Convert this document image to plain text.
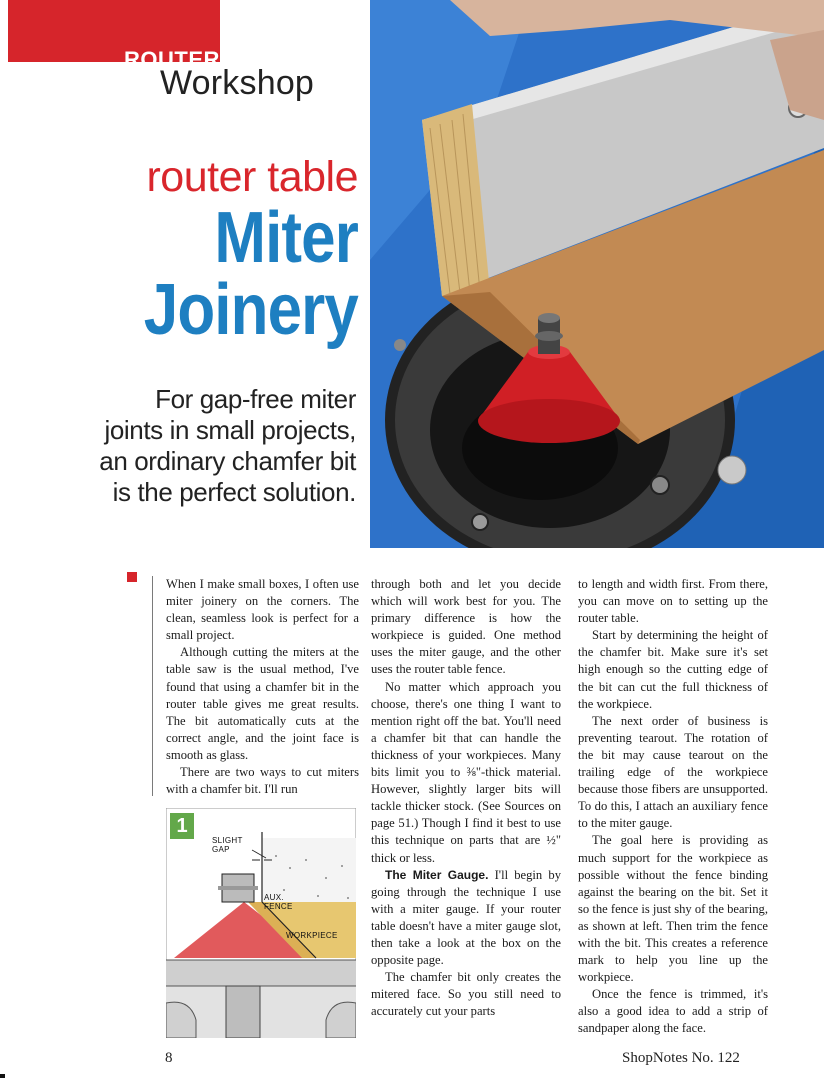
ROUTER
Workshop
router table
Miter
Joinery
For gap-free miter
joints in small projects,
an ordinary chamfer bit
is the perfect solution.

When I make small boxes, I often use miter joinery on the corners. The clean, seamless look is perfect for a small project.

Although cutting the miters at the table saw is the usual method, I've found that using a chamfer bit in the router table gives me great results. The bit automatically cuts at the correct angle, and the joint face is smooth as glass.

There are two ways to cut miters with a chamfer bit. I'll run

through both and let you decide which will work best for you. The primary difference is how the workpiece is guided. One method uses the miter gauge, and the other uses the router table fence.

No matter which approach you choose, there's one thing I want to mention right off the bat. You'll need a chamfer bit that can handle the thickness of your workpieces. Many bits limit you to ⅜"-thick material. However, slightly larger bits will tackle thicker stock. (See Sources on page 51.) Though I find it best to use this technique on parts that are ½" thick or less.

The Miter Gauge. I'll begin by going through the technique I use with a miter gauge. If your router table doesn't have a miter gauge slot, then take a look at the box on the opposite page.

The chamfer bit only creates the mitered face. So you still need to accurately cut your parts

to length and width first. From there, you can move on to setting up the router table.

Start by determining the height of the chamfer bit. Make sure it's set high enough so the cutting edge of the bit can cut the full thickness of the workpiece.

The next order of business is preventing tearout. The rotation of the bit may cause tearout on the trailing edge of the workpiece because those fibers are unsupported. To do this, I attach an auxiliary fence to the miter gauge.

The goal here is providing as much support for the workpiece as possible without the fence binding against the bearing on the bit. Set it so the fence is just shy of the bearing, as shown at left. Then trim the fence with the bit. This creates a reference mark to help you line up the workpiece.

Once the fence is trimmed, it's also a good idea to add a strip of sandpaper along the face.

1
SLIGHT GAP
AUX. FENCE
WORKPIECE
8	ShopNotes No. 122
